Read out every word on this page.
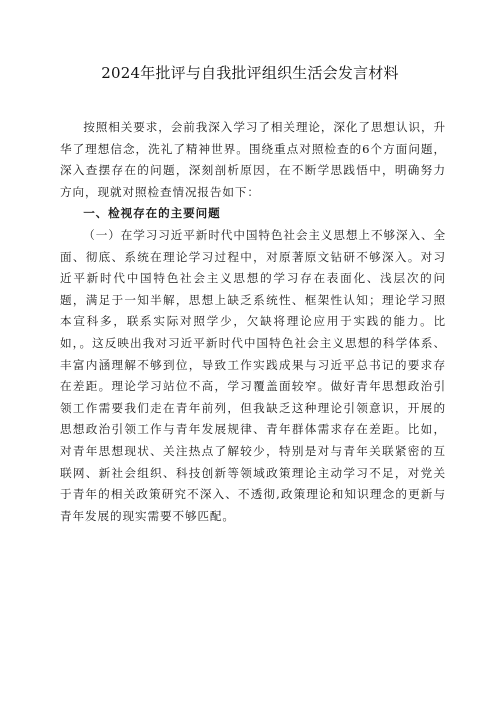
2024年批评与自我批评组织生活会发言材料

按照相关要求，会前我深入学习了相关理论，深化了思想认识，升华了理想信念，洗礼了精神世界。围绕重点对照检查的6个方面问题，深入查摆存在的问题，深刻剖析原因，在不断学思践悟中，明确努力方向，现就对照检查情况报告如下：

一、检视存在的主要问题

（一）在学习习近平新时代中国特色社会主义思想上不够深入、全面、彻底、系统在理论学习过程中，对原著原文钻研不够深入。对习近平新时代中国特色社会主义思想的学习存在表面化、浅层次的问题，满足于一知半解，思想上缺乏系统性、框架性认知；理论学习照本宣科多，联系实际对照学少，欠缺将理论应用于实践的能力。比如，。这反映出我对习近平新时代中国特色社会主义思想的科学体系、丰富内涵理解不够到位，导致工作实践成果与习近平总书记的要求存在差距。理论学习站位不高，学习覆盖面较窄。做好青年思想政治引领工作需要我们走在青年前列，但我缺乏这种理论引领意识，开展的思想政治引领工作与青年发展规律、青年群体需求存在差距。比如，对青年思想现状、关注热点了解较少，特别是对与青年关联紧密的互联网、新社会组织、科技创新等领域政策理论主动学习不足，对党关于青年的相关政策研究不深入、不透彻,政策理论和知识理念的更新与青年发展的现实需要不够匹配。
